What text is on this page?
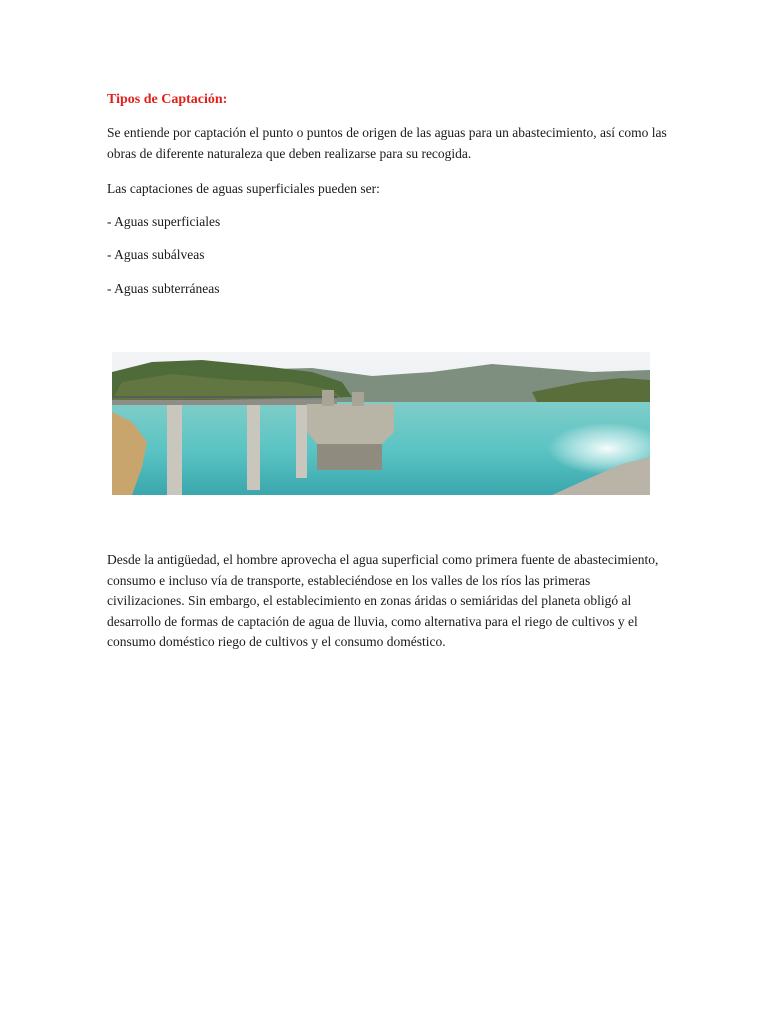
Tipos de Captación:

Se entiende por captación el punto o puntos de origen de las aguas para un abastecimiento, así como las obras de diferente naturaleza que deben realizarse para su recogida.

Las captaciones de aguas superficiales pueden ser:

- Aguas superficiales

- Aguas subálveas

- Aguas subterráneas

Desde la antigüedad, el hombre aprovecha el agua superficial como primera fuente de abastecimiento, consumo e incluso vía de transporte, estableciéndose en los valles de los ríos las primeras civilizaciones. Sin embargo, el establecimiento en zonas áridas o semiáridas del planeta obligó al desarrollo de formas de captación de agua de lluvia, como alternativa para el riego de cultivos y el consumo doméstico riego de cultivos y el consumo doméstico.
